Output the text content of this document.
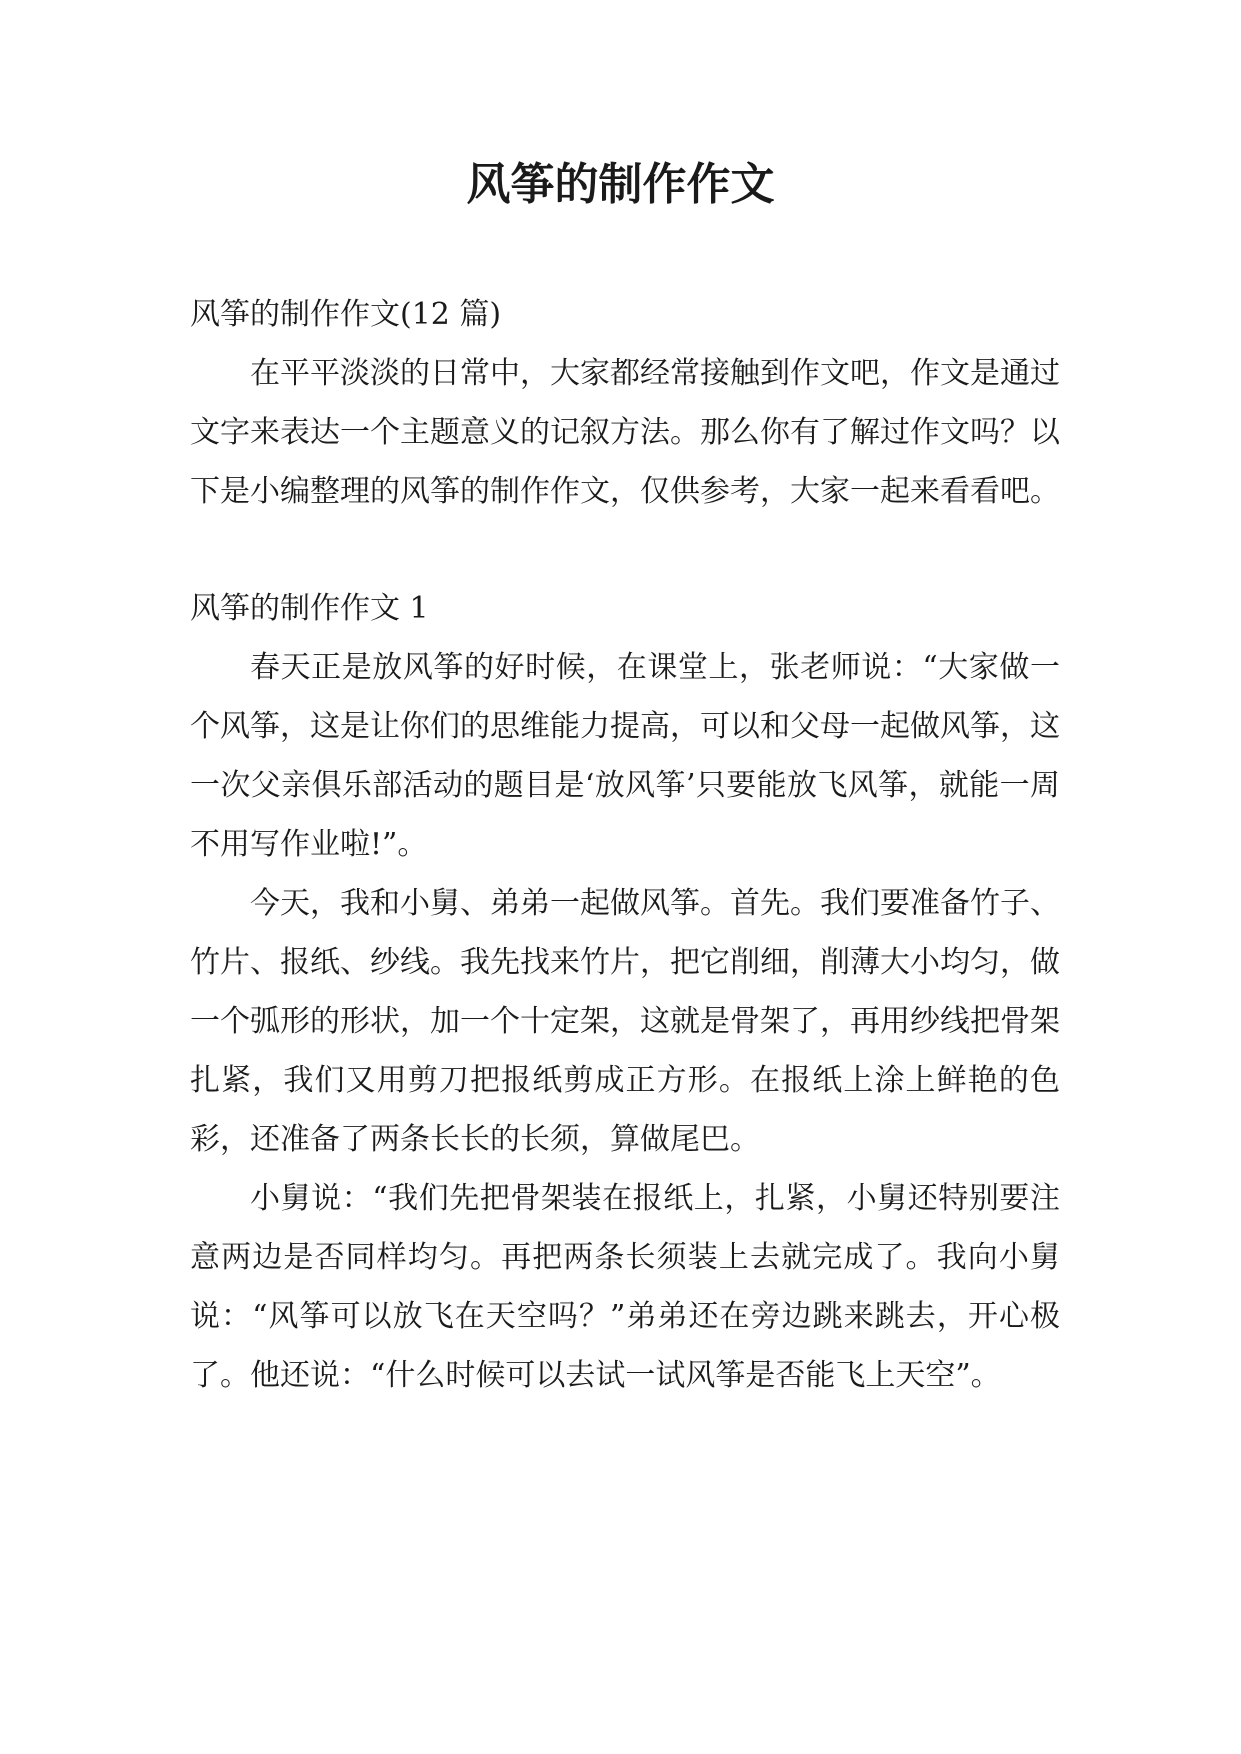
风筝的制作作文

风筝的制作作文(12 篇)

在平平淡淡的日常中，大家都经常接触到作文吧，作文是通过文字来表达一个主题意义的记叙方法。那么你有了解过作文吗？以下是小编整理的风筝的制作作文，仅供参考，大家一起来看看吧。

风筝的制作作文 1

春天正是放风筝的好时候，在课堂上，张老师说：“大家做一个风筝，这是让你们的思维能力提高，可以和父母一起做风筝，这一次父亲俱乐部活动的题目是‘放风筝’只要能放飞风筝，就能一周不用写作业啦!”。

今天，我和小舅、弟弟一起做风筝。首先。我们要准备竹子、竹片、报纸、纱线。我先找来竹片，把它削细，削薄大小均匀，做一个弧形的形状，加一个十定架，这就是骨架了，再用纱线把骨架扎紧，我们又用剪刀把报纸剪成正方形。在报纸上涂上鲜艳的色彩，还准备了两条长长的长须，算做尾巴。

小舅说：“我们先把骨架装在报纸上，扎紧，小舅还特别要注意两边是否同样均匀。再把两条长须装上去就完成了。我向小舅说：“风筝可以放飞在天空吗？”弟弟还在旁边跳来跳去，开心极了。他还说：“什么时候可以去试一试风筝是否能飞上天空”。
